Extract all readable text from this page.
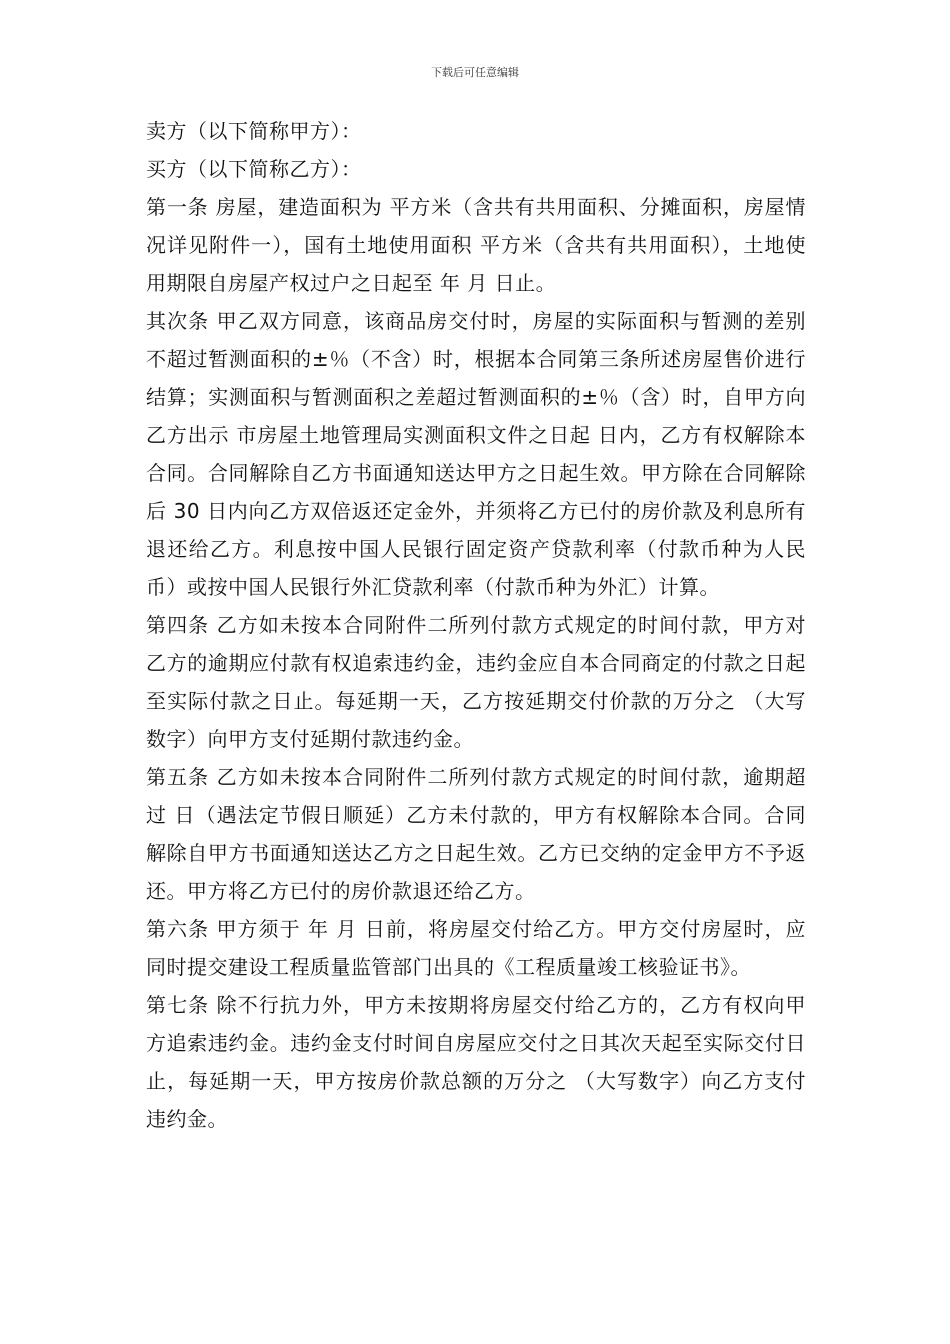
下载后可任意编辑

卖方（以下简称甲方）：

买方（以下简称乙方）：

第一条 房屋，建造面积为 平方米（含共有共用面积、分摊面积，房屋情况详见附件一），国有土地使用面积 平方米（含共有共用面积），土地使用期限自房屋产权过户之日起至 年 月 日止。

其次条 甲乙双方同意，该商品房交付时，房屋的实际面积与暂测的差别不超过暂测面积的±％（不含）时，根据本合同第三条所述房屋售价进行结算；实测面积与暂测面积之差超过暂测面积的±％（含）时，自甲方向乙方出示 市房屋土地管理局实测面积文件之日起 日内，乙方有权解除本合同。合同解除自乙方书面通知送达甲方之日起生效。甲方除在合同解除后 30 日内向乙方双倍返还定金外，并须将乙方已付的房价款及利息所有退还给乙方。利息按中国人民银行固定资产贷款利率（付款币种为人民币）或按中国人民银行外汇贷款利率（付款币种为外汇）计算。

第四条 乙方如未按本合同附件二所列付款方式规定的时间付款，甲方对乙方的逾期应付款有权追索违约金，违约金应自本合同商定的付款之日起至实际付款之日止。每延期一天，乙方按延期交付价款的万分之 （大写数字）向甲方支付延期付款违约金。

第五条 乙方如未按本合同附件二所列付款方式规定的时间付款，逾期超过 日（遇法定节假日顺延）乙方未付款的，甲方有权解除本合同。合同解除自甲方书面通知送达乙方之日起生效。乙方已交纳的定金甲方不予返还。甲方将乙方已付的房价款退还给乙方。

第六条 甲方须于 年 月 日前，将房屋交付给乙方。甲方交付房屋时，应同时提交建设工程质量监管部门出具的《工程质量竣工核验证书》。

第七条 除不行抗力外，甲方未按期将房屋交付给乙方的，乙方有权向甲方追索违约金。违约金支付时间自房屋应交付之日其次天起至实际交付日止，每延期一天，甲方按房价款总额的万分之 （大写数字）向乙方支付违约金。
